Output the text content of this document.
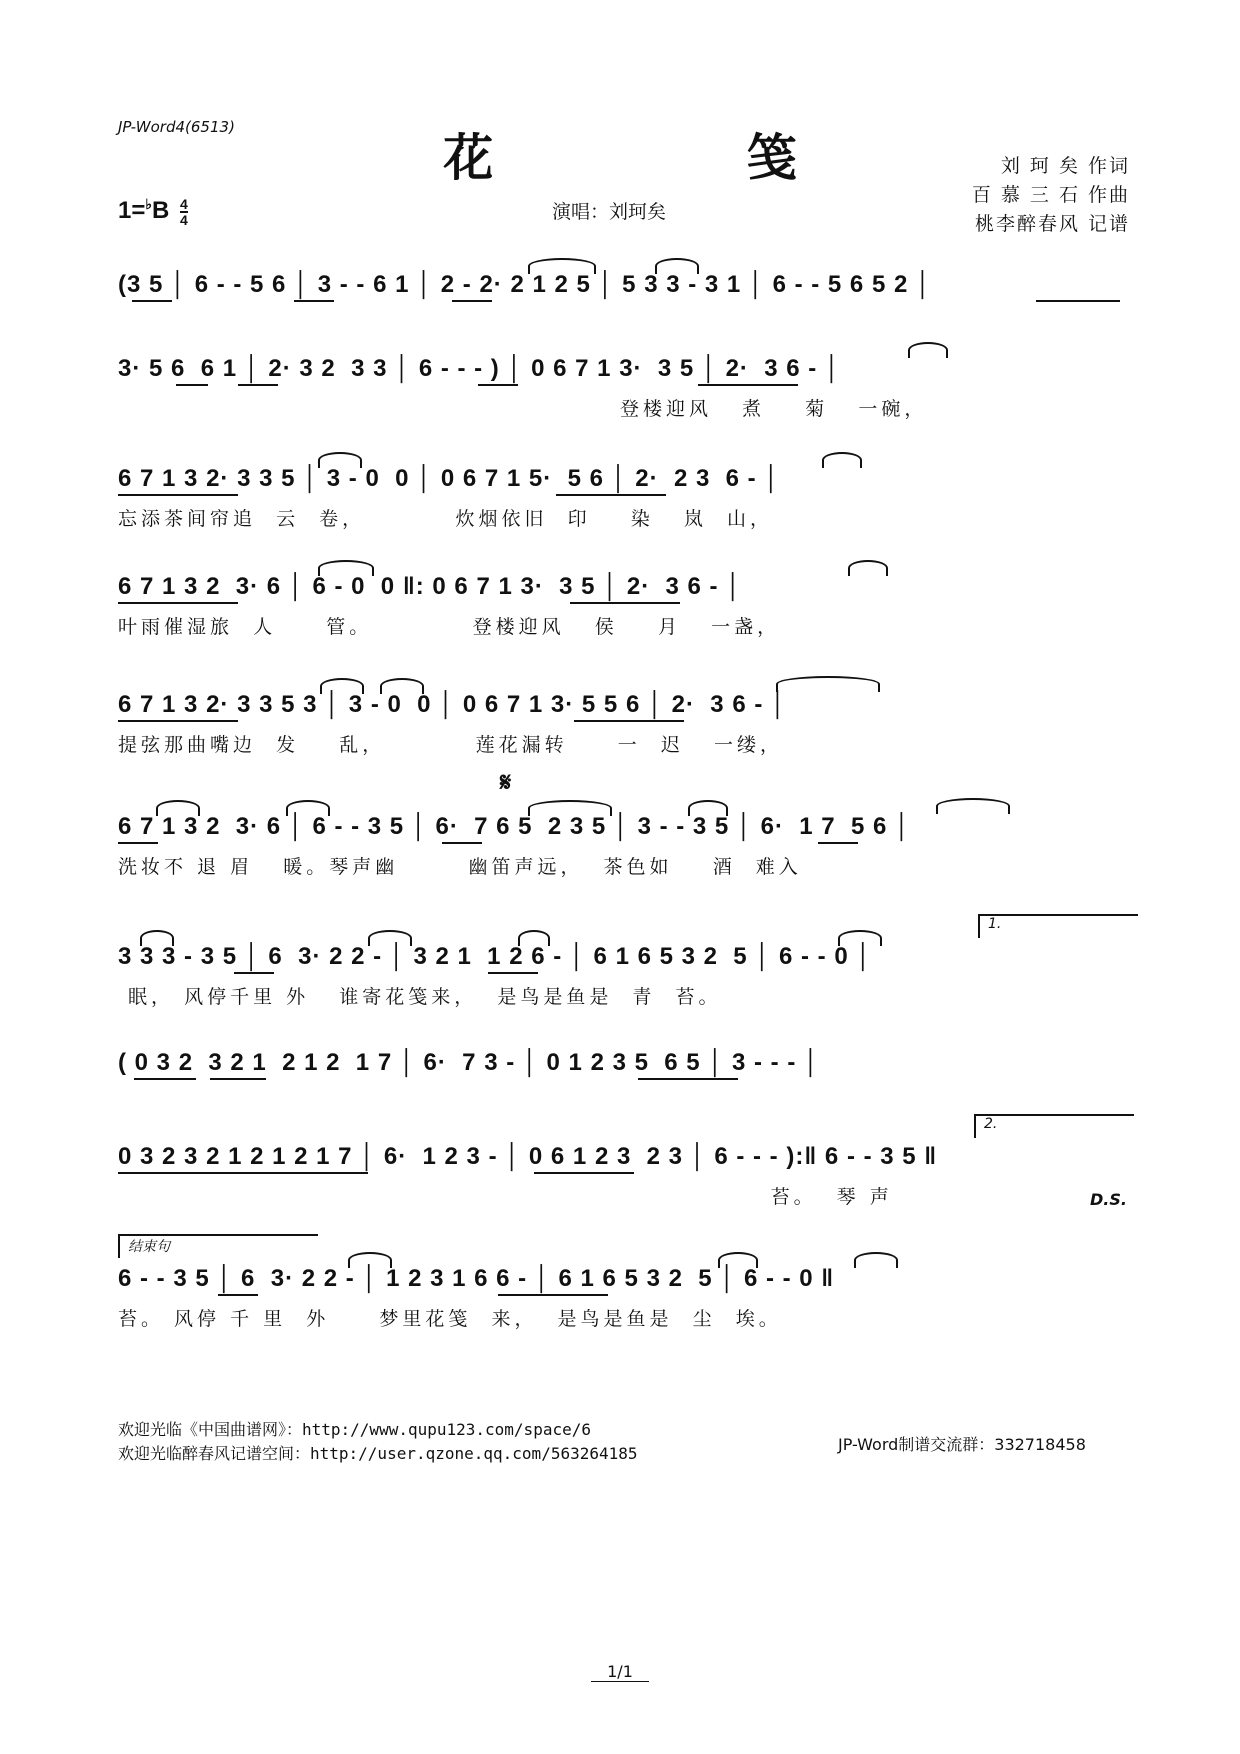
JP-Word4(6513)
花 笺
演唱：刘珂矣
刘 珂 矣 作词
百 慕 三 石 作曲
桃李醉春风 记谱
$1=^♭B \frac{4}{4}$
(3 5 │ 6 - - 5 6 │ 3 - - 6 1 │ 2 - 2· 2 1 2 5 │ 5 3 3 - 3 1 │ 6 - - 5 6 5 2 │
3· 5 6  6 1 │ 2· 3 2  3 3 │ 6 - - - ) │ 0 6 7 1 3·  3 5 │ 2·  3 6 - │
登楼迎风   煮    菊   一碗，
6 7 1 3 2· 3 3 5 │ 3 - 0  0 │ 0 6 7 1 5·  5 6 │ 2·  2 3  6 - │
忘添茶间帘追  云  卷，         炊烟依旧  印    染   岚  山，
6 7 1 3 2  3· 6 │ 6 - 0  0 ‖: 0 6 7 1 3·  3 5 │ 2·  3 6 - │
叶雨催湿旅  人     管。          登楼迎风   侯    月   一盏，
6 7 1 3 2· 3 3 5 3 │ 3 - 0  0 │ 0 6 7 1 3· 5 5 6 │ 2·  3 6 - │
提弦那曲嘴边  发    乱，         莲花漏转     一  迟   一缕，
𝄋
6 7 1 3 2  3· 6 │ 6 - - 3 5 │ 6·  7 6 5  2 3 5 │ 3 - - 3 5 │ 6·  1 7  5 6 │
洗妆不 退 眉   暖。琴声幽       幽笛声远，  茶色如    酒  难入
1.
3 3 3 - 3 5 │ 6  3· 2 2 - │ 3 2 1  1 2 6 - │ 6 1 6 5 3 2  5 │ 6 - - 0 │
眠， 风停千里 外   谁寄花笺来，  是鸟是鱼是  青  苔。
( 0 3 2  3 2 1  2 1 2  1 7 │ 6·  7 3 - │ 0 1 2 3 5  6 5 │ 3 - - - │
2.
0 3 2 3 2 1 2 1 2 1 7 │ 6·  1 2 3 - │ 0 6 1 2 3  2 3 │ 6 - - - ):‖ 6 - - 3 5 ‖
苔。  琴 声	D.S.
结束句
6 - - 3 5 │ 6  3· 2 2 - │ 1 2 3 1 6 6 - │ 6 1 6 5 3 2  5 │ 6 - - 0 ‖
苔。 风停 千 里  外     梦里花笺  来，  是鸟是鱼是  尘  埃。
欢迎光临《中国曲谱网》：http://www.qupu123.com/space/6
欢迎光临醉春风记谱空间：http://user.qzone.qq.com/563264185	JP-Word制谱交流群：332718458
1/1
